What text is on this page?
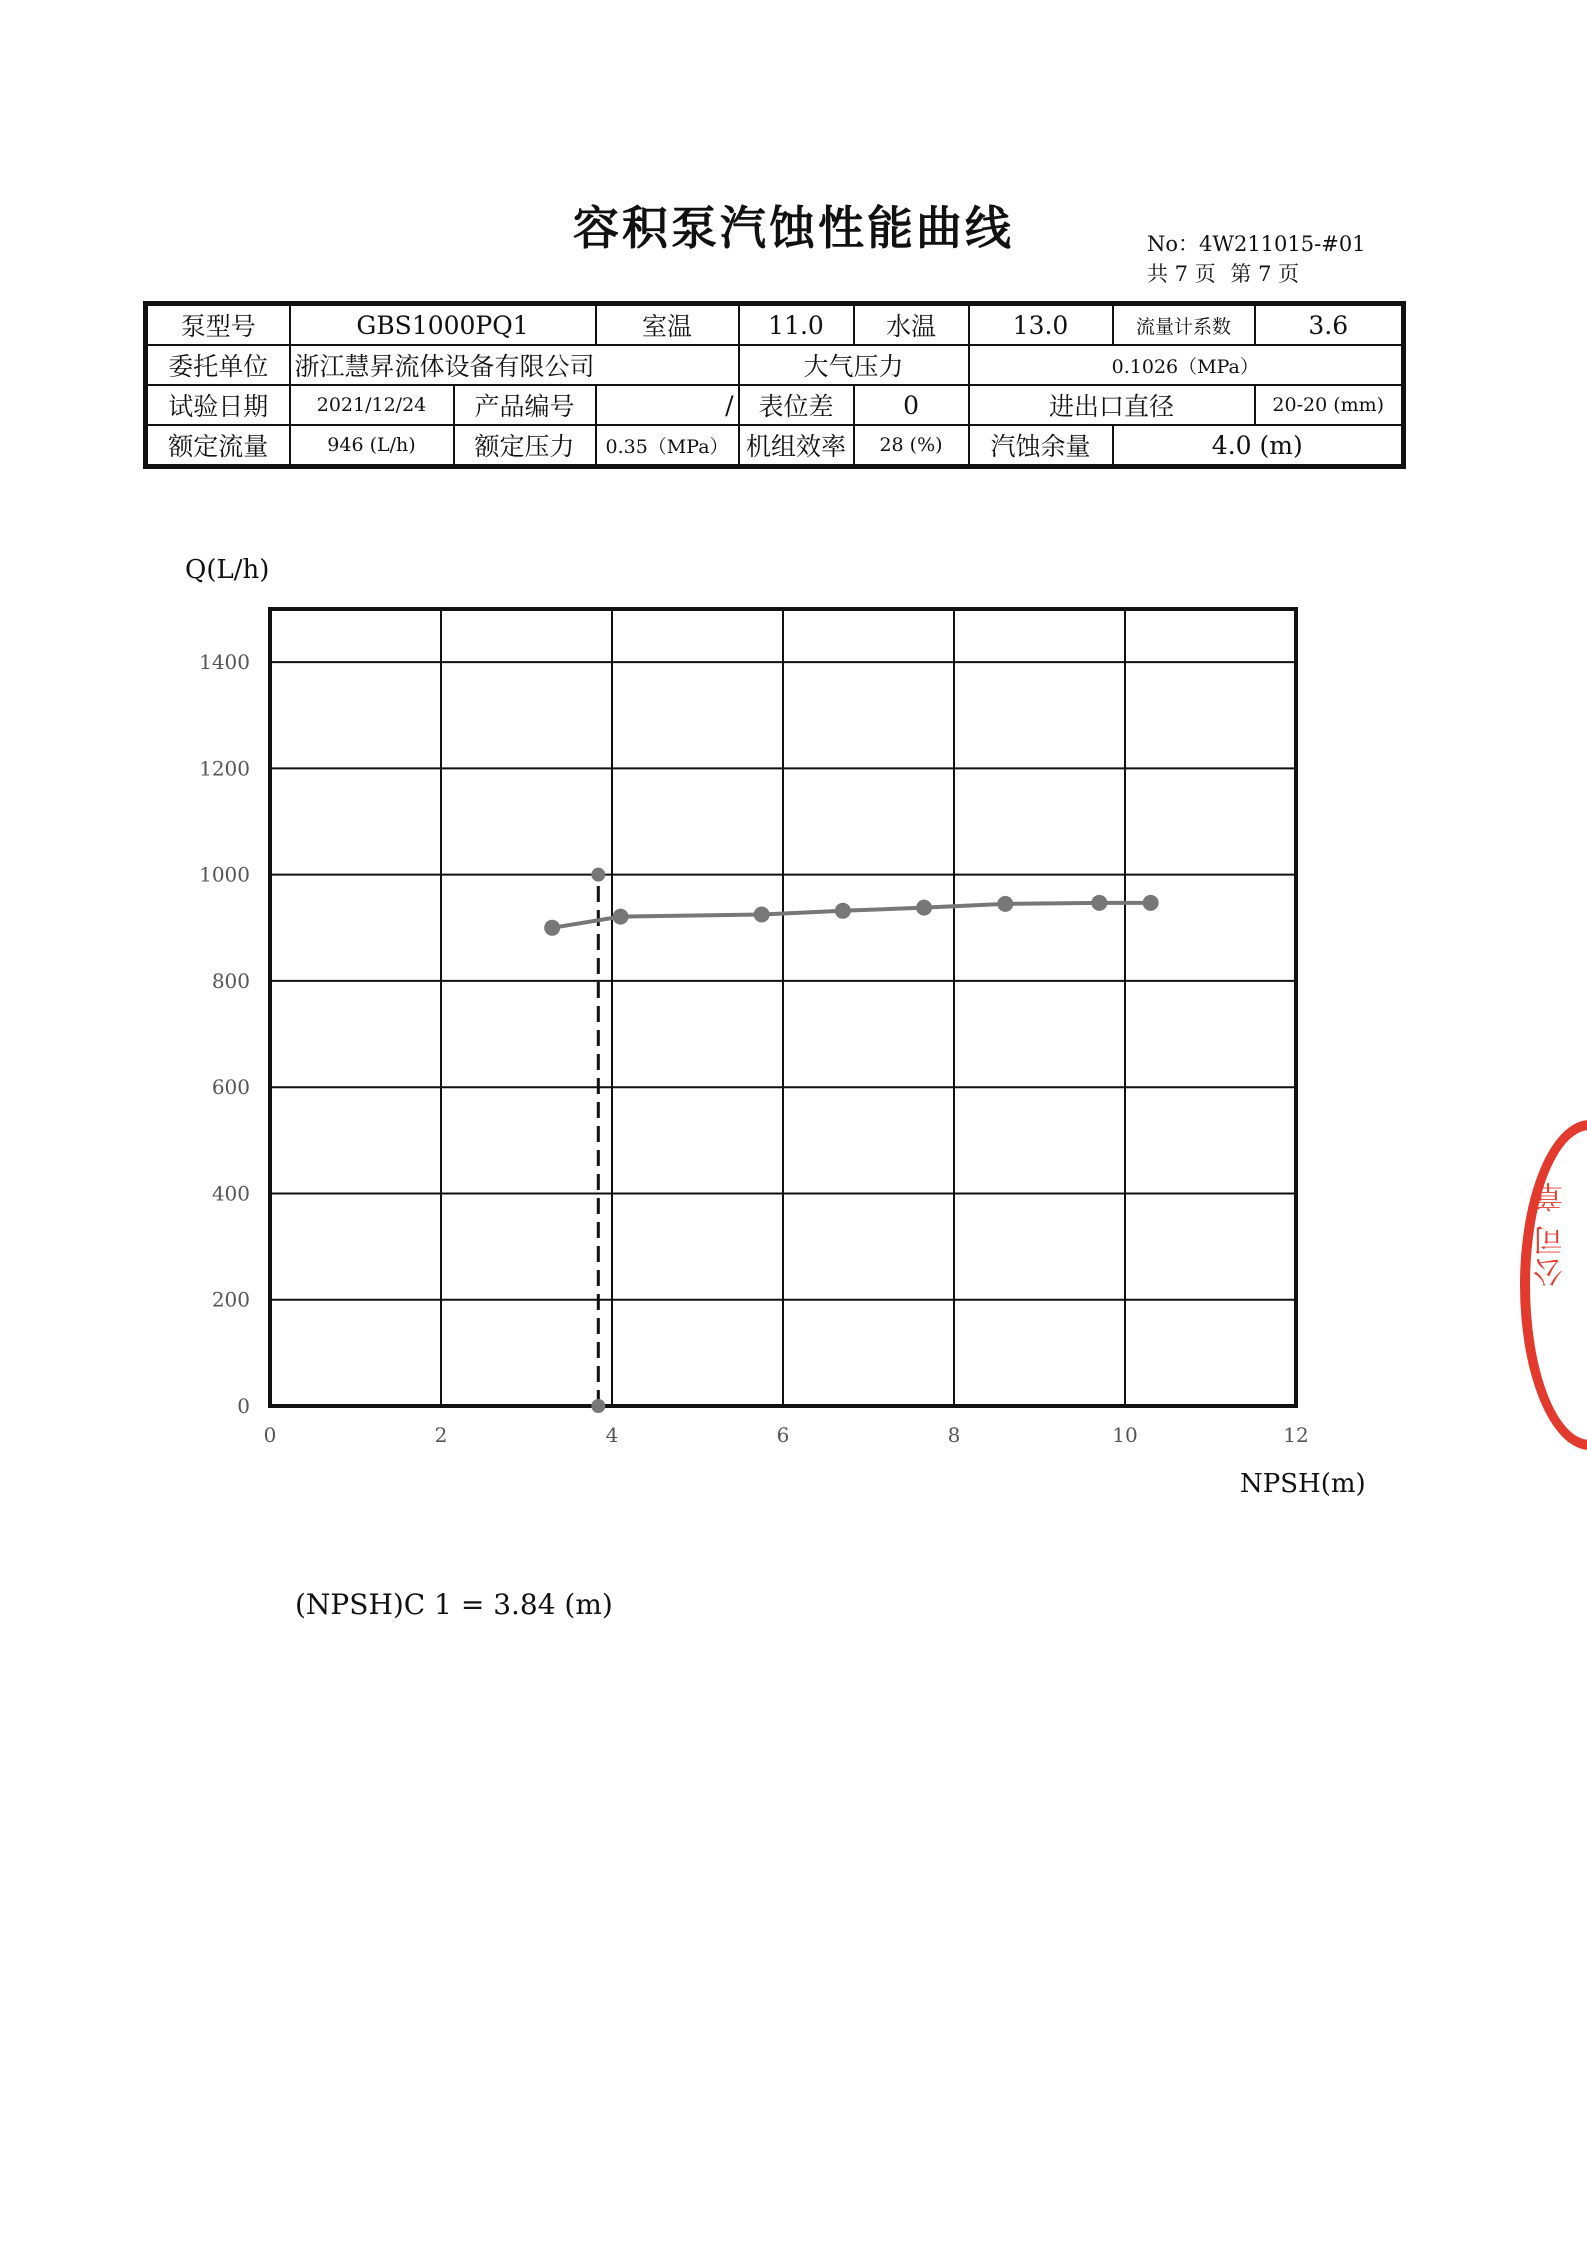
容积泵汽蚀性能曲线	No：4W211015-#01
共 7 页 第 7 页
泵型号	GBS1000PQ1		室温	11.0	水温	13.0	流量计系数	3.6
委托单位	浙江慧昇流体设备有限公司			大气压力		0.1026（MPa）		
试验日期	2021/12/24	产品编号	/	表位差	0	进出口直径		20-20 (mm)
额定流量	946 (L/h)	额定压力	0.35（MPa）	机组效率	28 (%)	汽蚀余量	4.0 (m)	
0	2	4	6	8	10	12
0
200
400
600
800
1000
1200
1400
Q(L/h)
NPSH(m)
(NPSH)C 1 = 3.84 (m)
公司 章
